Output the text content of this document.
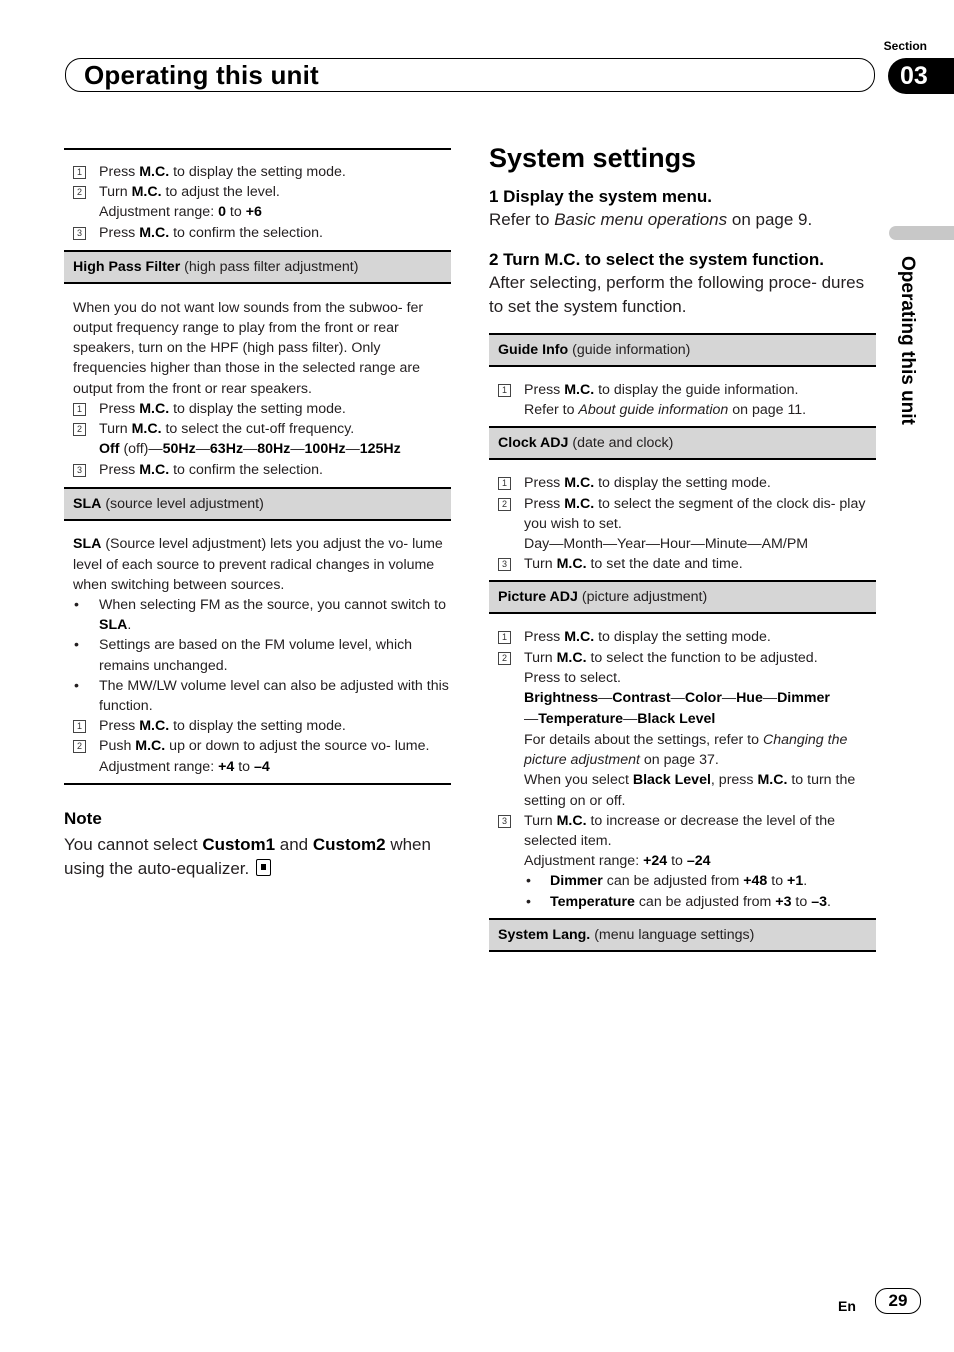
Section
Operating this unit	03
Operating this unit
1 Press M.C. to display the setting mode.
2 Turn M.C. to adjust the level.
Adjustment range: 0 to +6
3 Press M.C. to confirm the selection.
High Pass Filter (high pass filter adjustment)
When you do not want low sounds from the subwoo- fer output frequency range to play from the front or rear speakers, turn on the HPF (high pass filter). Only frequencies higher than those in the selected range are output from the front or rear speakers.
1 Press M.C. to display the setting mode.
2 Turn M.C. to select the cut-off frequency.
Off (off)—50Hz—63Hz—80Hz—100Hz—125Hz
3 Press M.C. to confirm the selection.
SLA (source level adjustment)
SLA (Source level adjustment) lets you adjust the vo- lume level of each source to prevent radical changes in volume when switching between sources.
• When selecting FM as the source, you cannot switch to SLA.
• Settings are based on the FM volume level, which remains unchanged.
• The MW/LW volume level can also be adjusted with this function.
1 Press M.C. to display the setting mode.
2 Push M.C. up or down to adjust the source vo- lume.
Adjustment range: +4 to –4
Note
You cannot select Custom1 and Custom2 when using the auto-equalizer.
System settings
1 Display the system menu.
Refer to Basic menu operations on page 9.
2 Turn M.C. to select the system function.
After selecting, perform the following proce- dures to set the system function.
Guide Info (guide information)
1 Press M.C. to display the guide information.
Refer to About guide information on page 11.
Clock ADJ (date and clock)
1 Press M.C. to display the setting mode.
2 Press M.C. to select the segment of the clock dis- play you wish to set.
Day—Month—Year—Hour—Minute—AM/PM
3 Turn M.C. to set the date and time.
Picture ADJ (picture adjustment)
1 Press M.C. to display the setting mode.
2 Turn M.C. to select the function to be adjusted.
Press to select.
Brightness—Contrast—Color—Hue—Dimmer
—Temperature—Black Level
For details about the settings, refer to Changing the picture adjustment on page 37.
When you select Black Level, press M.C. to turn the setting on or off.
3 Turn M.C. to increase or decrease the level of the selected item.
Adjustment range: +24 to –24
• Dimmer can be adjusted from +48 to +1.
• Temperature can be adjusted from +3 to –3.
System Lang. (menu language settings)
En	29
